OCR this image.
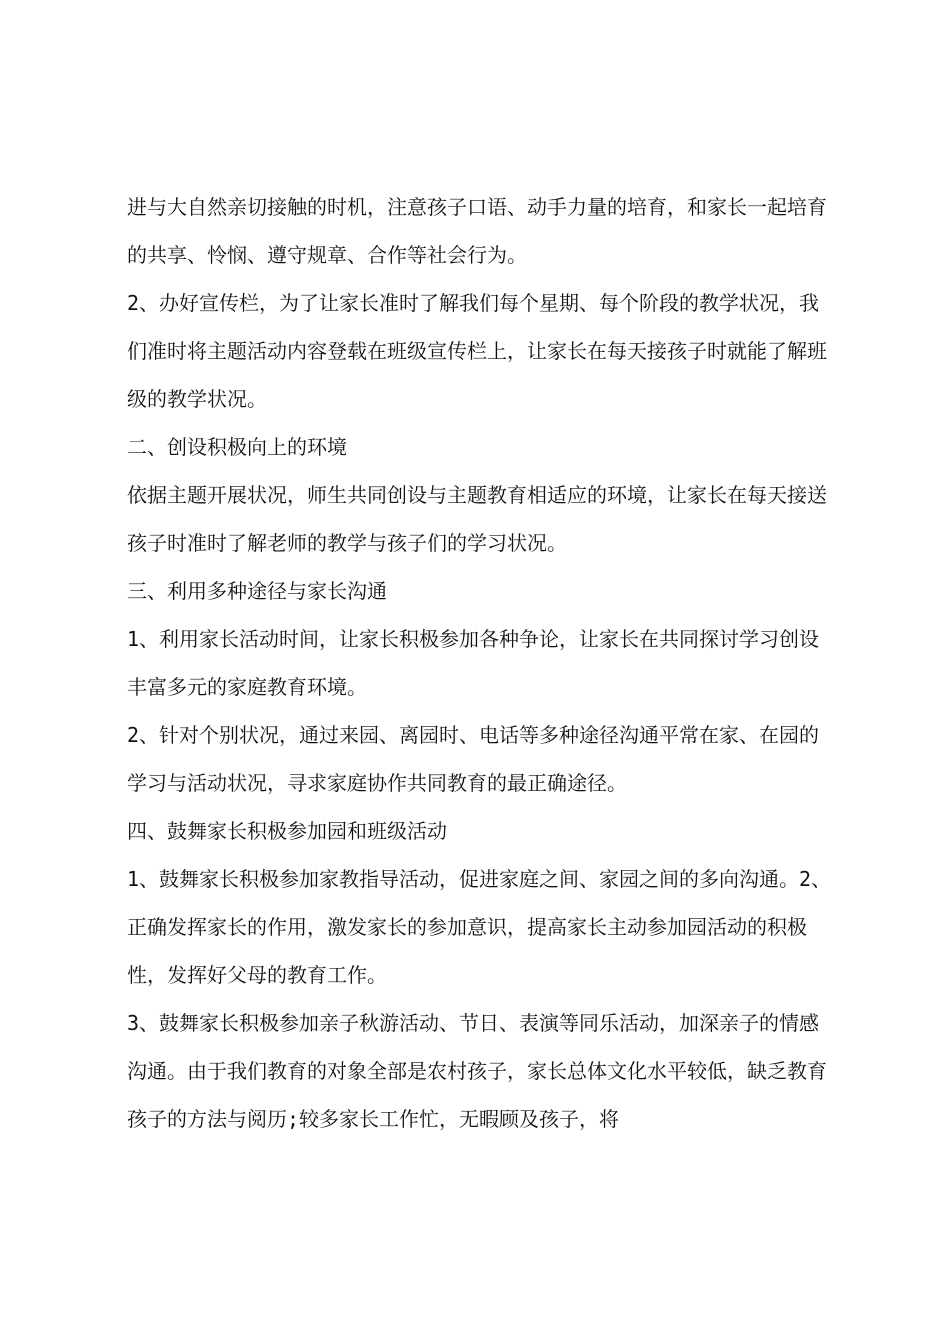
进与大自然亲切接触的时机，注意孩子口语、动手力量的培育，和家长一起培育的共享、怜悯、遵守规章、合作等社会行为。

2、办好宣传栏，为了让家长准时了解我们每个星期、每个阶段的教学状况，我们准时将主题活动内容登载在班级宣传栏上，让家长在每天接孩子时就能了解班级的教学状况。

二、创设积极向上的环境

依据主题开展状况，师生共同创设与主题教育相适应的环境，让家长在每天接送孩子时准时了解老师的教学与孩子们的学习状况。

三、利用多种途径与家长沟通

1、利用家长活动时间，让家长积极参加各种争论，让家长在共同探讨学习创设丰富多元的家庭教育环境。

2、针对个别状况，通过来园、离园时、电话等多种途径沟通平常在家、在园的学习与活动状况，寻求家庭协作共同教育的最正确途径。

四、鼓舞家长积极参加园和班级活动

1、鼓舞家长积极参加家教指导活动，促进家庭之间、家园之间的多向沟通。2、正确发挥家长的作用，激发家长的参加意识，提高家长主动参加园活动的积极性，发挥好父母的教育工作。

3、鼓舞家长积极参加亲子秋游活动、节日、表演等同乐活动，加深亲子的情感沟通。由于我们教育的对象全部是农村孩子，家长总体文化水平较低，缺乏教育孩子的方法与阅历;较多家长工作忙，无暇顾及孩子，将
